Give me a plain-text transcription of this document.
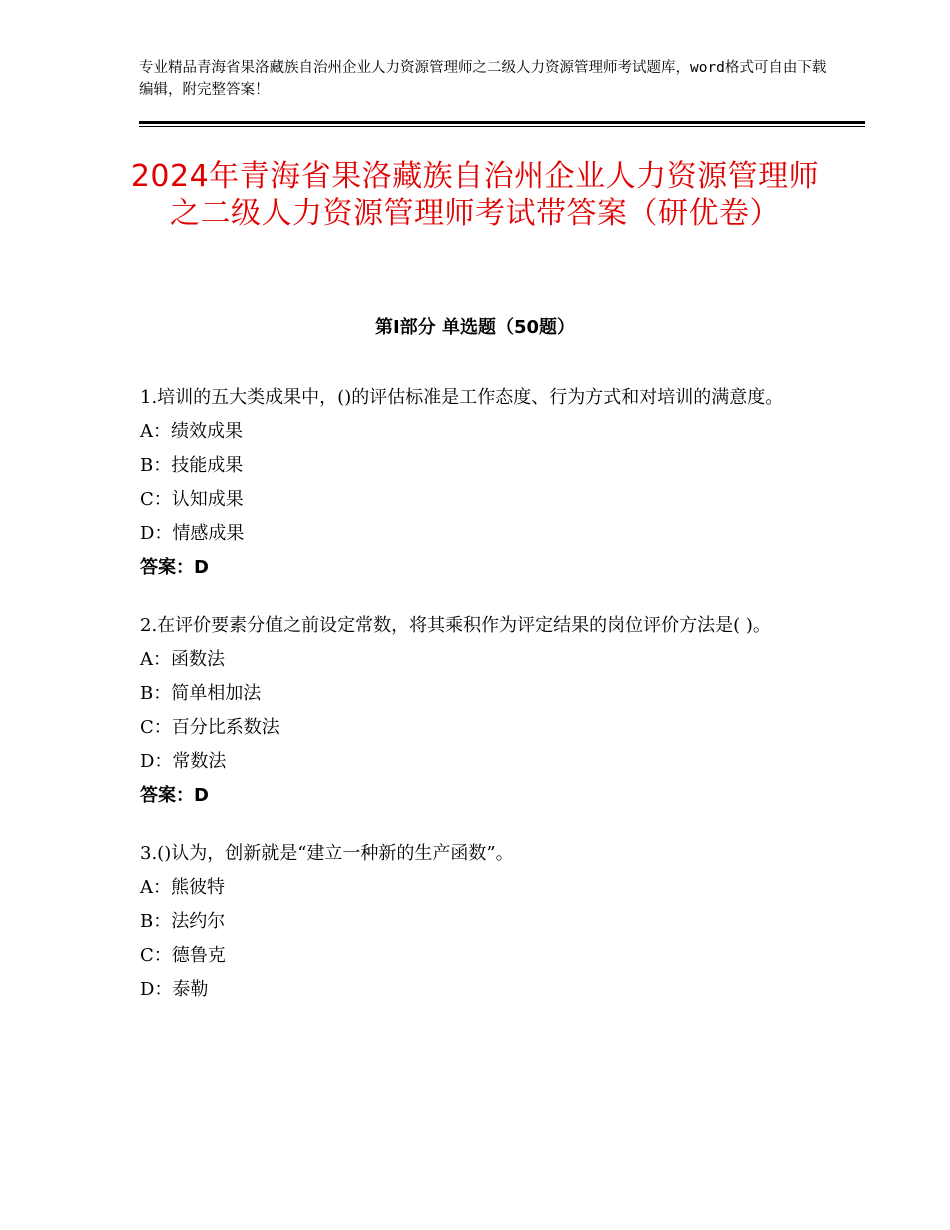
专业精品青海省果洛藏族自治州企业人力资源管理师之二级人力资源管理师考试题库，word格式可自由下载编辑，附完整答案！
2024年青海省果洛藏族自治州企业人力资源管理师之二级人力资源管理师考试带答案（研优卷）
第Ⅰ部分 单选题（50题）

1.培训的五大类成果中，()的评估标准是工作态度、行为方式和对培训的满意度。

A：绩效成果

B：技能成果

C：认知成果

D：情感成果

答案：D

2.在评价要素分值之前设定常数，将其乘积作为评定结果的岗位评价方法是( )。

A：函数法

B：简单相加法

C：百分比系数法

D：常数法

答案：D

3.()认为，创新就是“建立一种新的生产函数”。

A：熊彼特

B：法约尔

C：德鲁克

D：泰勒
